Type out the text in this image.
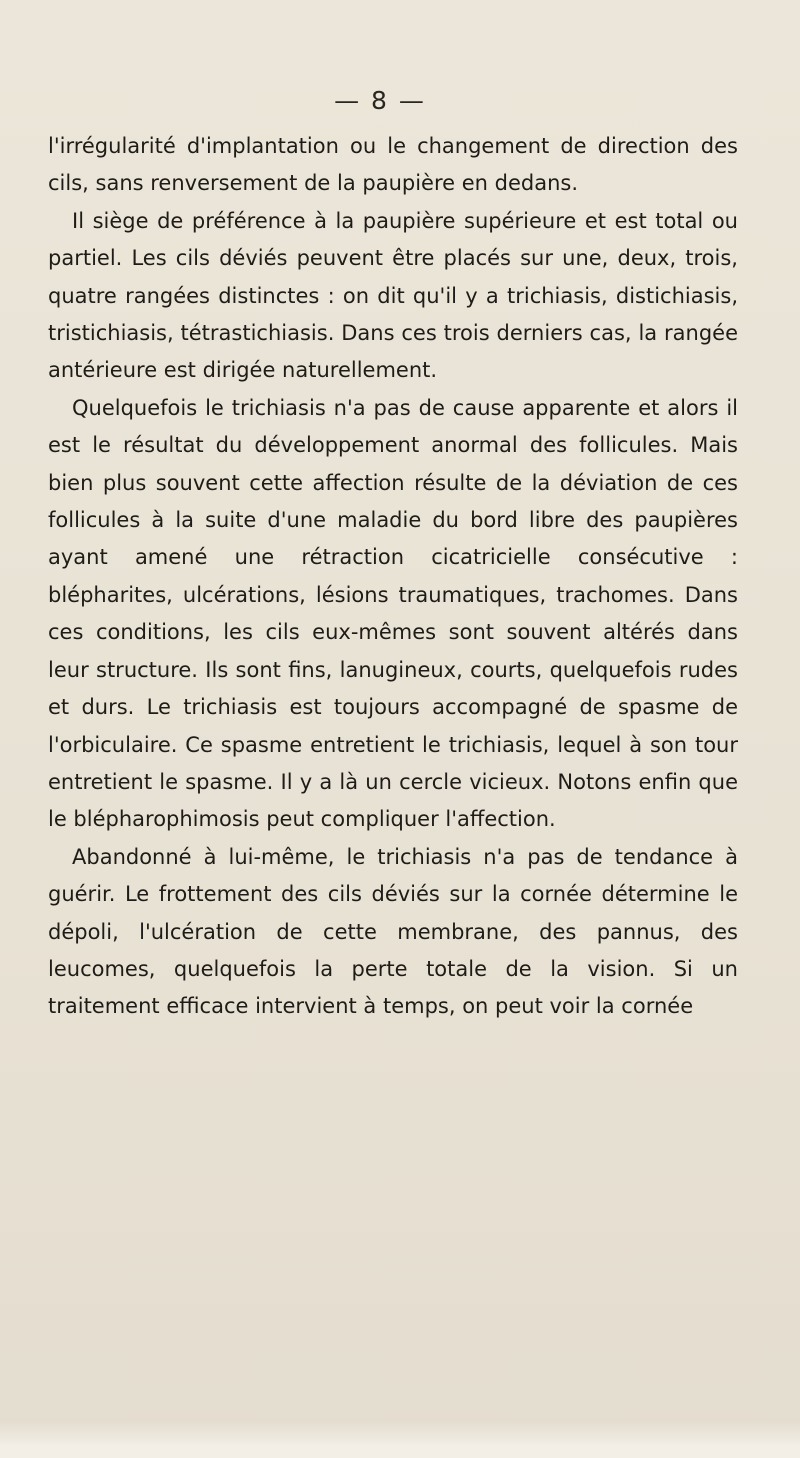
— 8 —

l'irrégularité d'implantation ou le changement de direction des cils, sans renversement de la paupière en dedans.

Il siège de préférence à la paupière supérieure et est total ou partiel. Les cils déviés peuvent être placés sur une, deux, trois, quatre rangées distinctes : on dit qu'il y a trichiasis, distichiasis, tristichiasis, tétrastichiasis. Dans ces trois derniers cas, la rangée antérieure est dirigée naturellement.

Quelquefois le trichiasis n'a pas de cause apparente et alors il est le résultat du développement anormal des follicules. Mais bien plus souvent cette affection résulte de la déviation de ces follicules à la suite d'une maladie du bord libre des paupières ayant amené une rétraction cicatricielle consécutive : blépharites, ulcérations, lésions traumatiques, trachomes. Dans ces conditions, les cils eux-mêmes sont souvent altérés dans leur structure. Ils sont fins, lanugineux, courts, quelquefois rudes et durs. Le trichiasis est toujours accompagné de spasme de l'orbiculaire. Ce spasme entretient le trichiasis, lequel à son tour entretient le spasme. Il y a là un cercle vicieux. Notons enfin que le blépharophimosis peut compliquer l'affection.

Abandonné à lui-même, le trichiasis n'a pas de tendance à guérir. Le frottement des cils déviés sur la cornée détermine le dépoli, l'ulcération de cette membrane, des pannus, des leucomes, quelquefois la perte totale de la vision. Si un traitement efficace intervient à temps, on peut voir la cornée
